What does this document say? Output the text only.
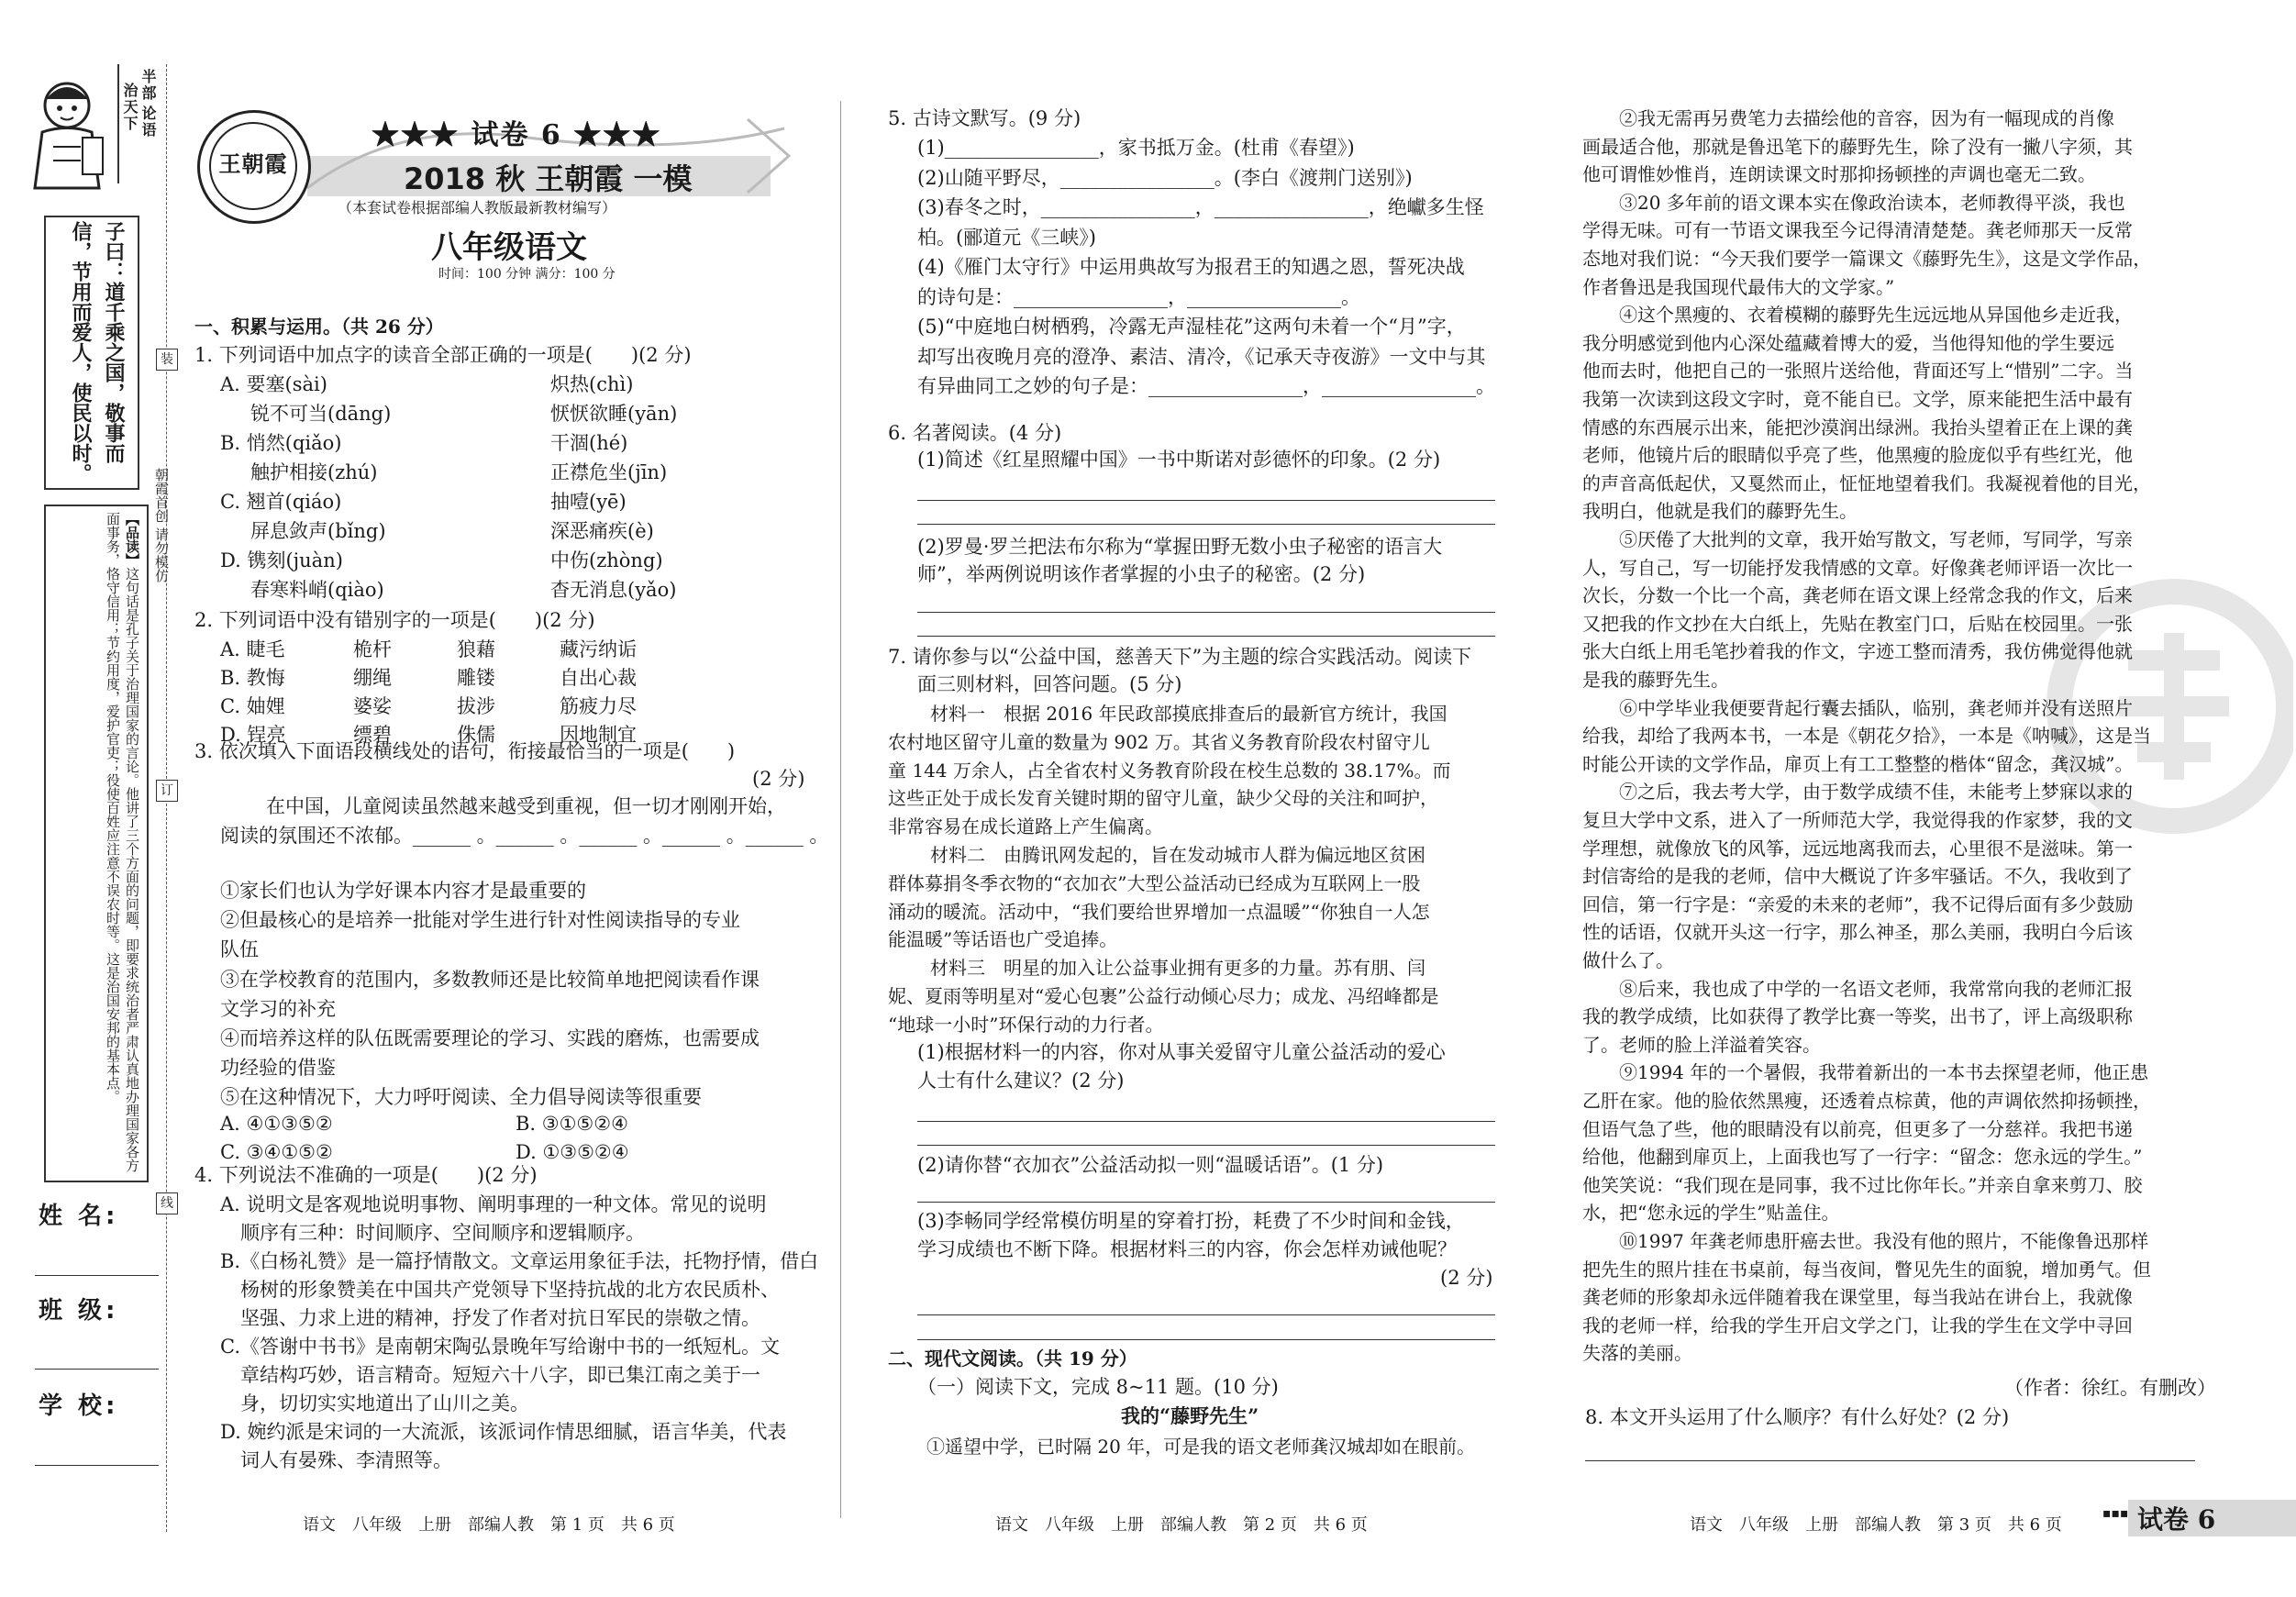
半部
论语
治天下
子曰：道千乘之国，敬事而信，节用而爱人，使民以时。
【品读】这句话是孔子关于治理国家的言论。他讲了三个方面的问题，即要求统治者严肃认真地办理国家各方面事务，恪守信用；节约用度，爱护官吏；役使百姓应注意不误农时等。这是治国安邦的基本点。	朝霞首创 请勿模仿
装
订
线
姓 名:
班 级:
学 校:
王朝霞
★★★ 试卷 6 ★★★
2018 秋 王朝霞 一模
（本套试卷根据部编人教版最新教材编写）
八年级语文
时间：100 分钟 满分：100 分
一、积累与运用。（共 26 分）
1. 下列词语中加点字的读音全部正确的一项是(　　)(2 分)
A. 要塞(sài)	炽热(chì)
锐不可当(dāng)	恹恹欲睡(yān)
B. 悄然(qiǎo)	干涸(hé)
触护相接(zhú)	正襟危坐(jīn)
C. 翘首(qiáo)	抽噎(yē)
屏息敛声(bǐng)	深恶痛疾(è)
D. 镌刻(juàn)	中伤(zhòng)
春寒料峭(qiào)	杳无消息(yǎo)
2. 下列词语中没有错别字的一项是(　　)(2 分)
A. 睫毛	桅杆	狼藉	藏污纳诟
B. 教悔	绷绳	雕镂	自出心裁
C. 妯娌	婆娑	拔涉	筋疲力尽
D. 锃亮	缥碧	侏儒	因地制宜
3. 依次填入下面语段横线处的语句，衔接最恰当的一项是(　　)
(2 分)
在中国，儿童阅读虽然越来越受到重视，但一切才刚刚开始，
阅读的氛围还不浓郁。______ 。______ 。______ 。______ 。______ 。
①家长们也认为学好课本内容才是最重要的
②但最核心的是培养一批能对学生进行针对性阅读指导的专业
队伍
③在学校教育的范围内，多数教师还是比较简单地把阅读看作课
文学习的补充
④而培养这样的队伍既需要理论的学习、实践的磨炼，也需要成
功经验的借鉴
⑤在这种情况下，大力呼吁阅读、全力倡导阅读等很重要
A. ④①③⑤②	B. ③①⑤②④
C. ③④①⑤②	D. ①③⑤②④
4. 下列说法不准确的一项是(　　)(2 分)
A. 说明文是客观地说明事物、阐明事理的一种文体。常见的说明
顺序有三种：时间顺序、空间顺序和逻辑顺序。
B.《白杨礼赞》是一篇抒情散文。文章运用象征手法，托物抒情，借白
杨树的形象赞美在中国共产党领导下坚持抗战的北方农民质朴、
坚强、力求上进的精神，抒发了作者对抗日军民的崇敬之情。
C.《答谢中书书》是南朝宋陶弘景晚年写给谢中书的一纸短札。文
章结构巧妙，语言精奇。短短六十八字，即已集江南之美于一
身，切切实实地道出了山川之美。
D. 婉约派是宋词的一大流派，该派词作情思细腻，语言华美，代表
词人有晏殊、李清照等。
语文　八年级　上册　部编人教　第 1 页　共 6 页
5. 古诗文默写。(9 分)
(1)________________，家书抵万金。(杜甫《春望》)
(2)山随平野尽，________________。(李白《渡荆门送别》)
(3)春冬之时，________________，________________，绝巘多生怪
柏。(郦道元《三峡》)
(4)《雁门太守行》中运用典故写为报君王的知遇之恩，誓死决战
的诗句是：________________，________________。
(5)“中庭地白树栖鸦，冷露无声湿桂花”这两句未着一个“月”字，
却写出夜晚月亮的澄净、素洁、清冷，《记承天寺夜游》一文中与其
有异曲同工之妙的句子是：________________，________________。
6. 名著阅读。(4 分)
(1)简述《红星照耀中国》一书中斯诺对彭德怀的印象。(2 分)
(2)罗曼·罗兰把法布尔称为“掌握田野无数小虫子秘密的语言大
师”，举两例说明该作者掌握的小虫子的秘密。(2 分)
7. 请你参与以“公益中国，慈善天下”为主题的综合实践活动。阅读下
面三则材料，回答问题。(5 分)
材料一　根据 2016 年民政部摸底排查后的最新官方统计，我国
农村地区留守儿童的数量为 902 万。其省义务教育阶段农村留守儿
童 144 万余人，占全省农村义务教育阶段在校生总数的 38.17%。而
这些正处于成长发育关键时期的留守儿童，缺少父母的关注和呵护，
非常容易在成长道路上产生偏离。
材料二　由腾讯网发起的，旨在发动城市人群为偏远地区贫困
群体募捐冬季衣物的“衣加衣”大型公益活动已经成为互联网上一股
涌动的暖流。活动中，“我们要给世界增加一点温暖”“你独自一人怎
能温暖”等话语也广受追捧。
材料三　明星的加入让公益事业拥有更多的力量。苏有朋、闫
妮、夏雨等明星对“爱心包裹”公益行动倾心尽力；成龙、冯绍峰都是
“地球一小时”环保行动的力行者。
(1)根据材料一的内容，你对从事关爱留守儿童公益活动的爱心
人士有什么建议？(2 分)
(2)请你替“衣加衣”公益活动拟一则“温暖话语”。(1 分)
(3)李畅同学经常模仿明星的穿着打扮，耗费了不少时间和金钱，
学习成绩也不断下降。根据材料三的内容，你会怎样劝诫他呢？
(2 分)
二、现代文阅读。（共 19 分）
（一）阅读下文，完成 8~11 题。(10 分)
我的“藤野先生”
①遥望中学，已时隔 20 年，可是我的语文老师龚汉城却如在眼前。
语文　八年级　上册　部编人教　第 2 页　共 6 页
②我无需再另费笔力去描绘他的音容，因为有一幅现成的肖像
画最适合他，那就是鲁迅笔下的藤野先生，除了没有一撇八字须，其
他可谓惟妙惟肖，连朗读课文时那抑扬顿挫的声调也毫无二致。
③20 多年前的语文课本实在像政治读本，老师教得平淡，我也
学得无味。可有一节语文课我至今记得清清楚楚。龚老师那天一反常
态地对我们说：“今天我们要学一篇课文《藤野先生》，这是文学作品，
作者鲁迅是我国现代最伟大的文学家。”
④这个黑瘦的、衣着模糊的藤野先生远远地从异国他乡走近我，
我分明感觉到他内心深处蕴藏着博大的爱，当他得知他的学生要远
他而去时，他把自己的一张照片送给他，背面还写上“惜别”二字。当
我第一次读到这段文字时，竟不能自已。文学，原来能把生活中最有
情感的东西展示出来，能把沙漠润出绿洲。我抬头望着正在上课的龚
老师，他镜片后的眼睛似乎亮了些，他黑瘦的脸庞似乎有些红光，他
的声音高低起伏，又戛然而止，怔怔地望着我们。我凝视着他的目光，
我明白，他就是我们的藤野先生。
⑤厌倦了大批判的文章，我开始写散文，写老师，写同学，写亲
人，写自己，写一切能抒发我情感的文章。好像龚老师评语一次比一
次长，分数一个比一个高，龚老师在语文课上经常念我的作文，后来
又把我的作文抄在大白纸上，先贴在教室门口，后贴在校园里。一张
张大白纸上用毛笔抄着我的作文，字迹工整而清秀，我仿佛觉得他就
是我的藤野先生。
⑥中学毕业我便要背起行囊去插队，临别，龚老师并没有送照片
给我，却给了我两本书，一本是《朝花夕拾》，一本是《呐喊》，这是当
时能公开读的文学作品，扉页上有工工整整的楷体“留念，龚汉城”。
⑦之后，我去考大学，由于数学成绩不佳，未能考上梦寐以求的
复旦大学中文系，进入了一所师范大学，我觉得我的作家梦，我的文
学理想，就像放飞的风筝，远远地离我而去，心里很不是滋味。第一
封信寄给的是我的老师，信中大概说了许多牢骚话。不久，我收到了
回信，第一行字是：“亲爱的未来的老师”，我不记得后面有多少鼓励
性的话语，仅就开头这一行字，那么神圣，那么美丽，我明白今后该
做什么了。
⑧后来，我也成了中学的一名语文老师，我常常向我的老师汇报
我的教学成绩，比如获得了教学比赛一等奖，出书了，评上高级职称
了。老师的脸上洋溢着笑容。
⑨1994 年的一个暑假，我带着新出的一本书去探望老师，他正患
乙肝在家。他的脸依然黑瘦，还透着点棕黄，他的声调依然抑扬顿挫，
但语气急了些，他的眼睛没有以前亮，但更多了一分慈祥。我把书递
给他，他翻到扉页上，上面我也写了一行字：“留念：您永远的学生。”
他笑笑说：“我们现在是同事，我不过比你年长。”并亲自拿来剪刀、胶
水，把“您永远的学生”贴盖住。
⑩1997 年龚老师患肝癌去世。我没有他的照片，不能像鲁迅那样
把先生的照片挂在书桌前，每当夜间，瞥见先生的面貌，增加勇气。但
龚老师的形象却永远伴随着我在课堂里，每当我站在讲台上，我就像
我的老师一样，给我的学生开启文学之门，让我的学生在文学中寻回
失落的美丽。
（作者：徐红。有删改）
8. 本文开头运用了什么顺序？有什么好处？(2 分)
语文　八年级　上册　部编人教　第 3 页　共 6 页
▪▪▪ 试卷 6
